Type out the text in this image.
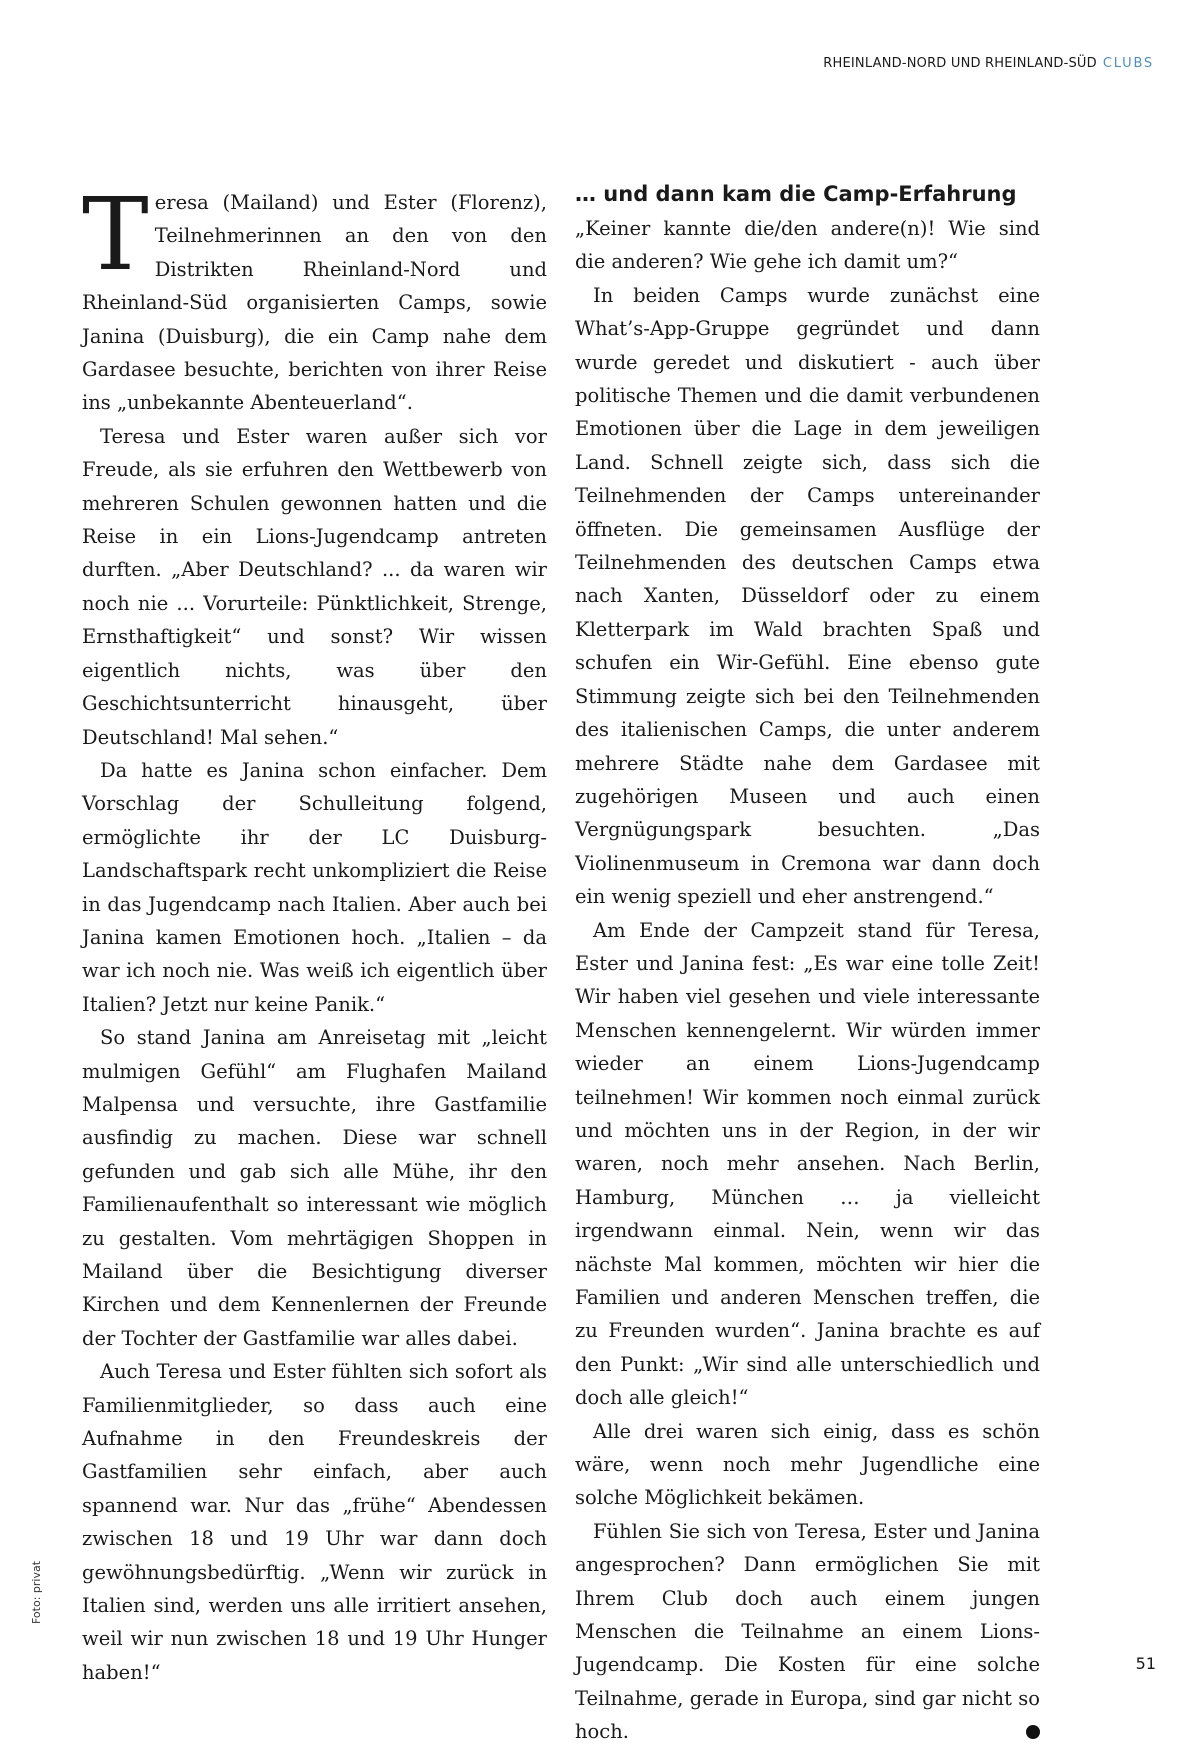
RHEINLAND-NORD UND RHEINLAND-SÜD CLUBS

Teresa (Mailand) und Ester (Florenz), Teilnehmerinnen an den von den Distrikten Rheinland-Nord und Rheinland-Süd organisierten Camps, sowie Janina (Duisburg), die ein Camp nahe dem Gardasee besuchte, berichten von ihrer Reise ins „unbekannte Abenteuerland“.

Teresa und Ester waren außer sich vor Freude, als sie erfuhren den Wettbewerb von mehreren Schulen gewonnen hatten und die Reise in ein Lions-Jugendcamp antreten durften. „Aber Deutschland? ... da waren wir noch nie ... Vorurteile: Pünktlichkeit, Strenge, Ernsthaftigkeit“ und sonst? Wir wissen eigentlich nichts, was über den Geschichtsunterricht hinausgeht, über Deutschland! Mal sehen.“

Da hatte es Janina schon einfacher. Dem Vorschlag der Schulleitung folgend, ermöglichte ihr der LC Duisburg-Landschaftspark recht unkompliziert die Reise in das Jugendcamp nach Italien. Aber auch bei Janina kamen Emotionen hoch. „Italien – da war ich noch nie. Was weiß ich eigentlich über Italien? Jetzt nur keine Panik.“

So stand Janina am Anreisetag mit „leicht mulmigen Gefühl“ am Flughafen Mailand Malpensa und versuchte, ihre Gastfamilie ausfindig zu machen. Diese war schnell gefunden und gab sich alle Mühe, ihr den Familienaufenthalt so interessant wie möglich zu gestalten. Vom mehrtägigen Shoppen in Mailand über die Besichtigung diverser Kirchen und dem Kennenlernen der Freunde der Tochter der Gastfamilie war alles dabei.

Auch Teresa und Ester fühlten sich sofort als Familienmitglieder, so dass auch eine Aufnahme in den Freundeskreis der Gastfamilien sehr einfach, aber auch spannend war. Nur das „frühe“ Abendessen zwischen 18 und 19 Uhr war dann doch gewöhnungsbedürftig. „Wenn wir zurück in Italien sind, werden uns alle irritiert ansehen, weil wir nun zwischen 18 und 19 Uhr Hunger haben!“

… und dann kam die Camp-Erfahrung

„Keiner kannte die/den andere(n)! Wie sind die anderen? Wie gehe ich damit um?“

In beiden Camps wurde zunächst eine What’s-App-Gruppe gegründet und dann wurde geredet und diskutiert - auch über politische Themen und die damit verbundenen Emotionen über die Lage in dem jeweiligen Land. Schnell zeigte sich, dass sich die Teilnehmenden der Camps untereinander öffneten. Die gemeinsamen Ausflüge der Teilnehmenden des deutschen Camps etwa nach Xanten, Düsseldorf oder zu einem Kletterpark im Wald brachten Spaß und schufen ein Wir-Gefühl. Eine ebenso gute Stimmung zeigte sich bei den Teilnehmenden des italienischen Camps, die unter anderem mehrere Städte nahe dem Gardasee mit zugehörigen Museen und auch einen Vergnügungspark besuchten. „Das Violinenmuseum in Cremona war dann doch ein wenig speziell und eher anstrengend.“

Am Ende der Campzeit stand für Teresa, Ester und Janina fest: „Es war eine tolle Zeit! Wir haben viel gesehen und viele interessante Menschen kennengelernt. Wir würden immer wieder an einem Lions-Jugendcamp teilnehmen! Wir kommen noch einmal zurück und möchten uns in der Region, in der wir waren, noch mehr ansehen. Nach Berlin, Hamburg, München … ja vielleicht irgendwann einmal. Nein, wenn wir das nächste Mal kommen, möchten wir hier die Familien und anderen Menschen treffen, die zu Freunden wurden“. Janina brachte es auf den Punkt: „Wir sind alle unterschiedlich und doch alle gleich!“

Alle drei waren sich einig, dass es schön wäre, wenn noch mehr Jugendliche eine solche Möglichkeit bekämen.

Fühlen Sie sich von Teresa, Ester und Janina angesprochen? Dann ermöglichen Sie mit Ihrem Club doch auch einem jungen Menschen die Teilnahme an einem Lions-Jugendcamp. Die Kosten für eine solche Teilnahme, gerade in Europa, sind gar nicht so hoch.	L

Foto: privat
51
